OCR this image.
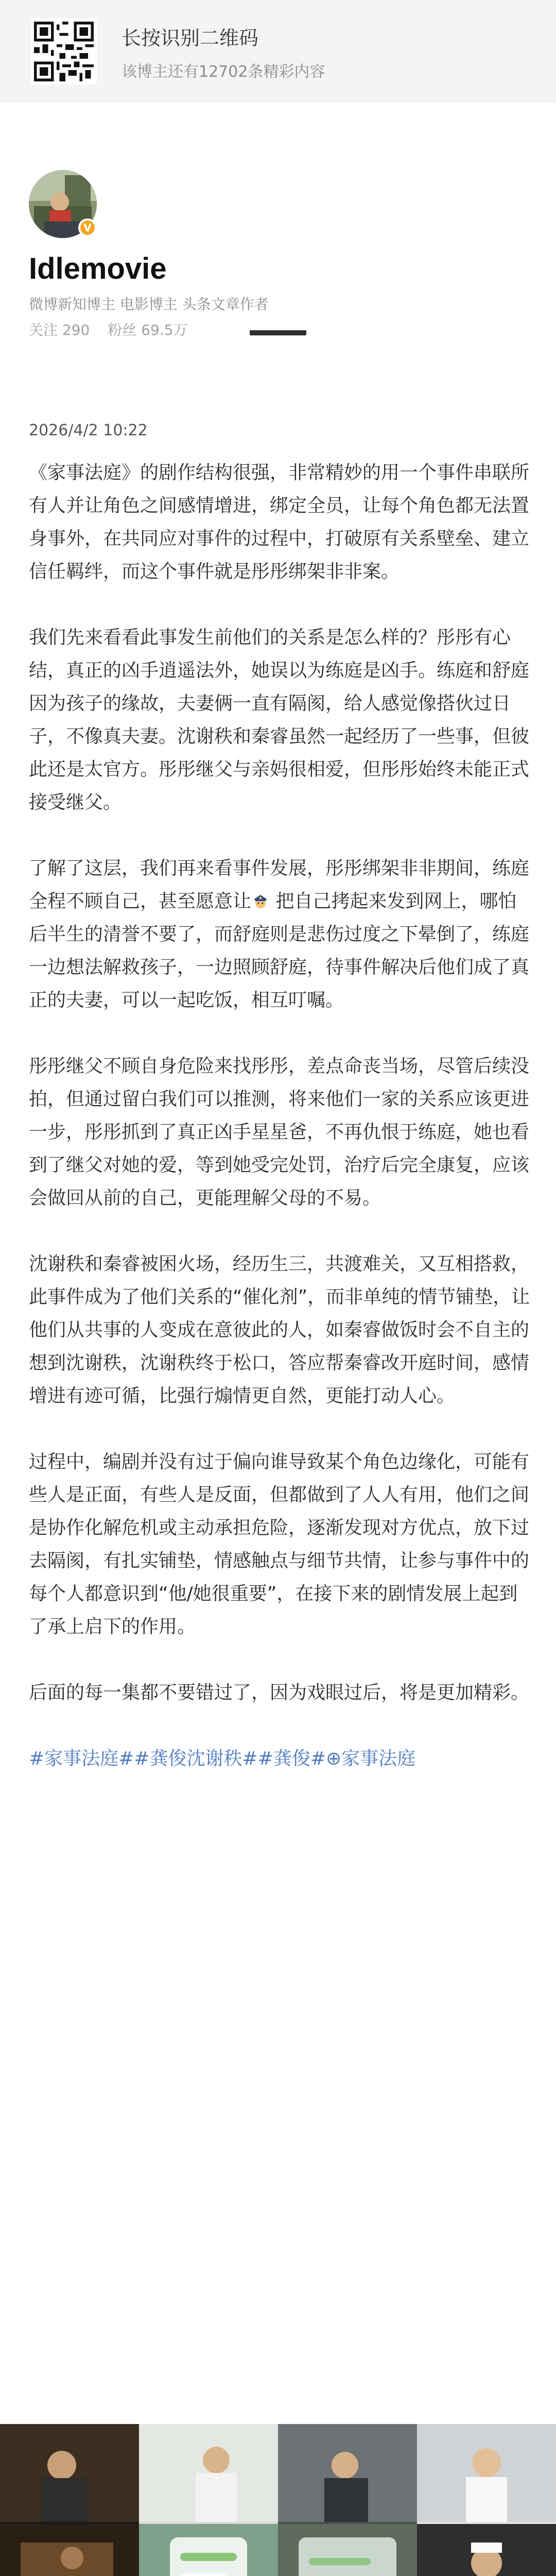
长按识别二维码
该博主还有12702条精彩内容
V
Idlemovie
微博新知博主 电影博主 头条文章作者
关注 290 粉丝 69.5万
2026/4/2 10:22

《家事法庭》的剧作结构很强，非常精妙的用一个事件串联所有人并让角色之间感情增进，绑定全员，让每个角色都无法置身事外，在共同应对事件的过程中，打破原有关系壁垒、建立信任羁绊，而这个事件就是彤彤绑架非非案。

我们先来看看此事发生前他们的关系是怎么样的？彤彤有心结，真正的凶手逍遥法外，她误以为练庭是凶手。练庭和舒庭因为孩子的缘故，夫妻俩一直有隔阂，给人感觉像搭伙过日子，不像真夫妻。沈谢秩和秦睿虽然一起经历了一些事，但彼此还是太官方。彤彤继父与亲妈很相爱，但彤彤始终未能正式接受继父。

了解了这层，我们再来看事件发展，彤彤绑架非非期间，练庭全程不顾自己，甚至愿意让 把自己拷起来发到网上，哪怕后半生的清誉不要了，而舒庭则是悲伤过度之下晕倒了，练庭一边想法解救孩子，一边照顾舒庭，待事件解决后他们成了真正的夫妻，可以一起吃饭，相互叮嘱。

彤彤继父不顾自身危险来找彤彤，差点命丧当场，尽管后续没拍，但通过留白我们可以推测，将来他们一家的关系应该更进一步，彤彤抓到了真正凶手星星爸，不再仇恨于练庭，她也看到了继父对她的爱，等到她受完处罚，治疗后完全康复，应该会做回从前的自己，更能理解父母的不易。

沈谢秩和秦睿被困火场，经历生三，共渡难关，又互相搭救，此事件成为了他们关系的“催化剂”，而非单纯的情节铺垫，让他们从共事的人变成在意彼此的人，如秦睿做饭时会不自主的想到沈谢秩，沈谢秩终于松口，答应帮秦睿改开庭时间，感情增进有迹可循，比强行煽情更自然，更能打动人心。

过程中，编剧并没有过于偏向谁导致某个角色边缘化，可能有些人是正面，有些人是反面，但都做到了人人有用，他们之间是协作化解危机或主动承担危险，逐渐发现对方优点，放下过去隔阂，有扎实铺垫，情感触点与细节共情，让参与事件中的每个人都意识到“他/她很重要”，在接下来的剧情发展上起到了承上启下的作用。

后面的每一集都不要错过了，因为戏眼过后，将是更加精彩。

#家事法庭##龚俊沈谢秩##龚俊#⊕家事法庭
